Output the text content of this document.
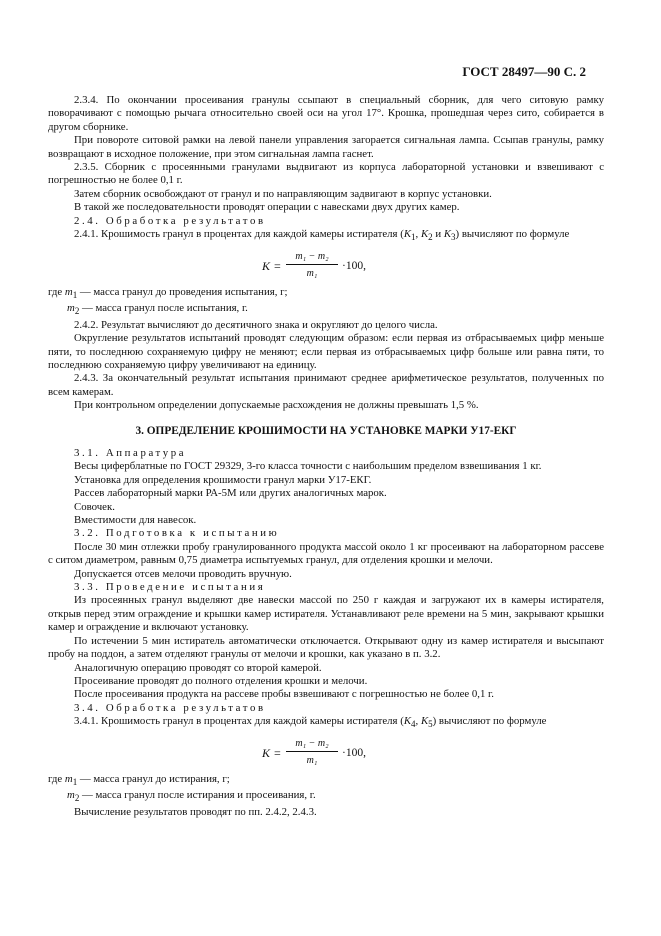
ГОСТ 28497—90 С. 2

2.3.4. По окончании просеивания гранулы ссыпают в специальный сборник, для чего ситовую рамку поворачивают с помощью рычага относительно своей оси на угол 17°. Крошка, прошедшая через сито, собирается в другом сборнике.

При повороте ситовой рамки на левой панели управления загорается сигнальная лампа. Ссыпав гранулы, рамку возвращают в исходное положение, при этом сигнальная лампа гаснет.

2.3.5. Сборник с просеянными гранулами выдвигают из корпуса лабораторной установки и взвешивают с погрешностью не более 0,1 г.

Затем сборник освобождают от гранул и по направляющим задвигают в корпус установки.

В такой же последовательности проводят операции с навесками двух других камер.

2.4. Обработка результатов

2.4.1. Крошимость гранул в процентах для каждой камеры истирателя ($K_1$, $K_2$ и $K_3$) вычисляют по формуле

K =
m₁ − m₂
m₁
·100,

где $m_1$ — масса гранул до проведения испытания, г;

$m_2$ — масса гранул после испытания, г.

2.4.2. Результат вычисляют до десятичного знака и округляют до целого числа.

Округление результатов испытаний проводят следующим образом: если первая из отбрасываемых цифр меньше пяти, то последнюю сохраняемую цифру не меняют; если первая из отбрасываемых цифр больше или равна пяти, то последнюю сохраняемую цифру увеличивают на единицу.

2.4.3. За окончательный результат испытания принимают среднее арифметическое результатов, полученных по всем камерам.

При контрольном определении допускаемые расхождения не должны превышать 1,5 %.

3. ОПРЕДЕЛЕНИЕ КРОШИМОСТИ НА УСТАНОВКЕ МАРКИ У17-ЕКГ

3.1. Аппаратура

Весы циферблатные по ГОСТ 29329, 3-го класса точности с наибольшим пределом взвешивания 1 кг.

Установка для определения крошимости гранул марки У17-ЕКГ.

Рассев лабораторный марки РА-5М или других аналогичных марок.

Совочек.

Вместимости для навесок.

3.2. Подготовка к испытанию

После 30 мин отлежки пробу гранулированного продукта массой около 1 кг просеивают на лабораторном рассеве с ситом диаметром, равным 0,75 диаметра испытуемых гранул, для отделения крошки и мелочи.

Допускается отсев мелочи проводить вручную.

3.3. Проведение испытания

Из просеянных гранул выделяют две навески массой по 250 г каждая и загружают их в камеры истирателя, открыв перед этим ограждение и крышки камер истирателя. Устанавливают реле времени на 5 мин, закрывают крышки камер и ограждение и включают установку.

По истечении 5 мин истиратель автоматически отключается. Открывают одну из камер истирателя и высыпают пробу на поддон, а затем отделяют гранулы от мелочи и крошки, как указано в п. 3.2.

Аналогичную операцию проводят со второй камерой.

Просеивание проводят до полного отделения крошки и мелочи.

После просеивания продукта на рассеве пробы взвешивают с погрешностью не более 0,1 г.

3.4. Обработка результатов

3.4.1. Крошимость гранул в процентах для каждой камеры истирателя ($K_4$, $K_5$) вычисляют по формуле

K =
m₁ − m₂
m₁
·100,

где $m_1$ — масса гранул до истирания, г;

$m_2$ — масса гранул после истирания и просеивания, г.

Вычисление результатов проводят по пп. 2.4.2, 2.4.3.
